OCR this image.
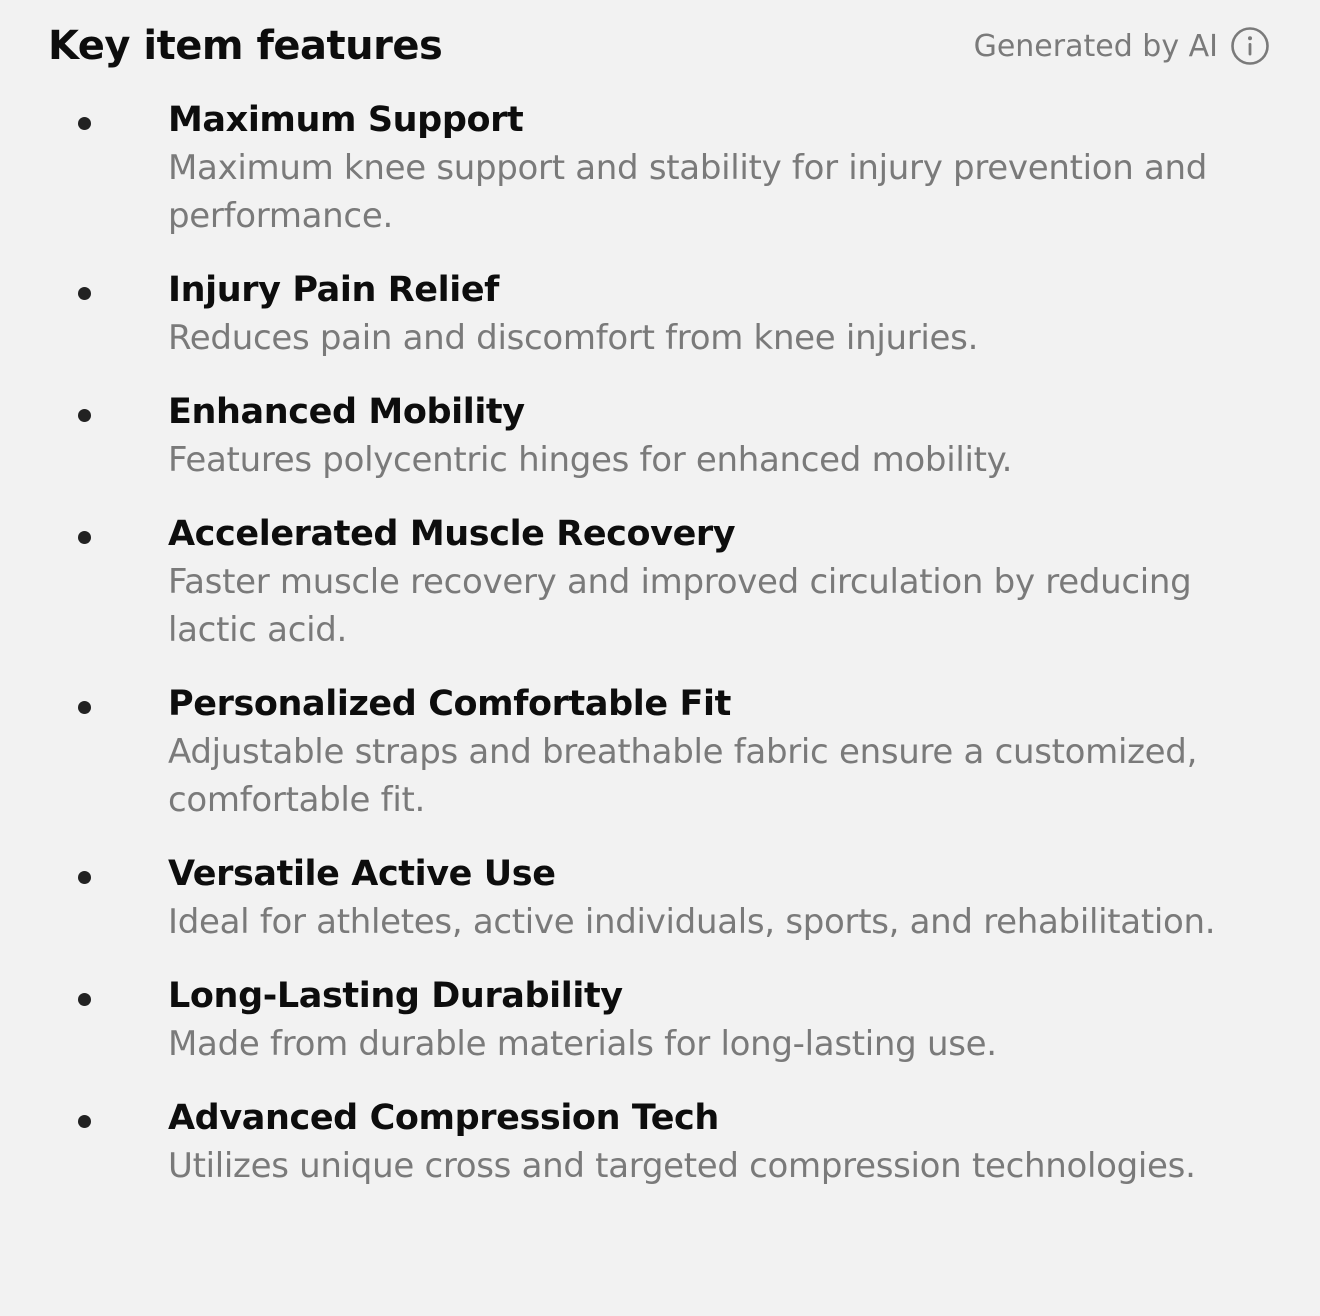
Key item features	Generated by AI
Maximum Support
Maximum knee support and stability for injury prevention and performance.
Injury Pain Relief
Reduces pain and discomfort from knee injuries.
Enhanced Mobility
Features polycentric hinges for enhanced mobility.
Accelerated Muscle Recovery
Faster muscle recovery and improved circulation by reducing lactic acid.
Personalized Comfortable Fit
Adjustable straps and breathable fabric ensure a customized, comfortable fit.
Versatile Active Use
Ideal for athletes, active individuals, sports, and rehabilitation.
Long-Lasting Durability
Made from durable materials for long-lasting use.
Advanced Compression Tech
Utilizes unique cross and targeted compression technologies.
